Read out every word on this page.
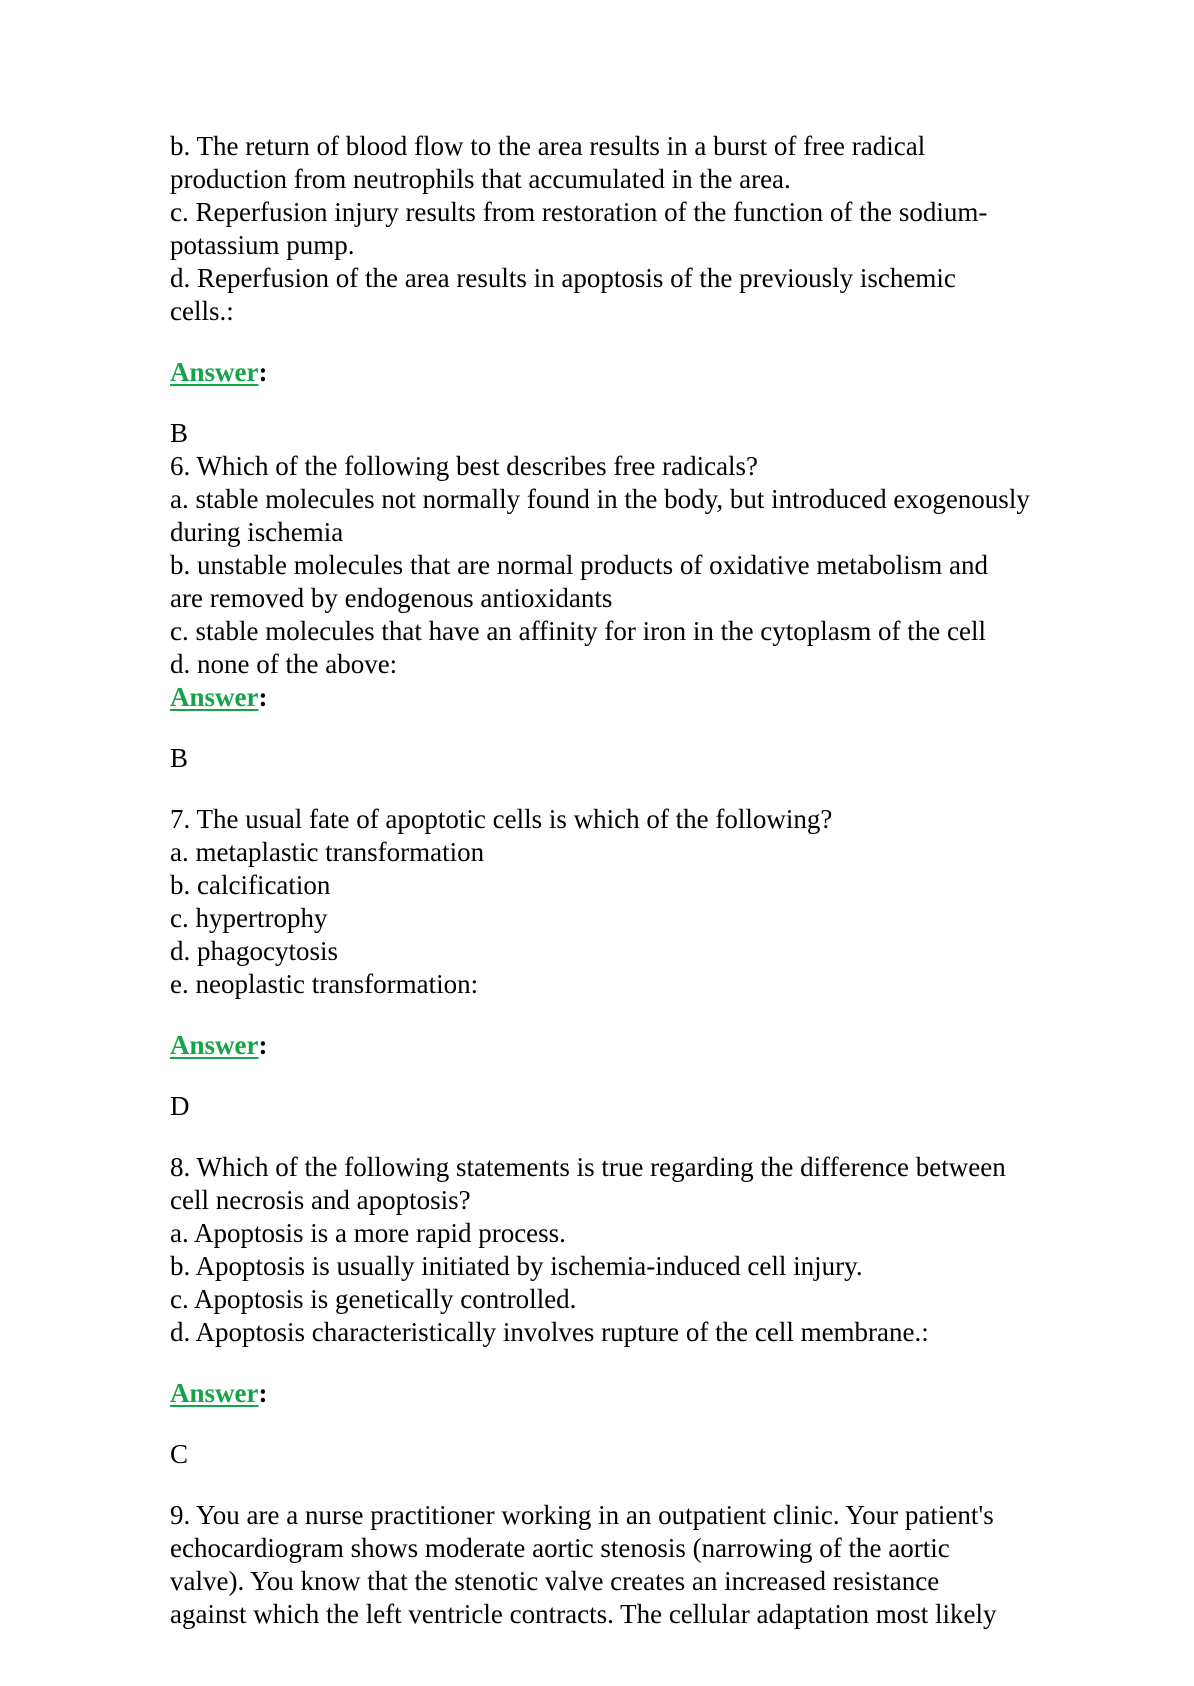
b. The return of blood flow to the area results in a burst of free radical
production from neutrophils that accumulated in the area.
c. Reperfusion injury results from restoration of the function of the sodium-
potassium pump.
d. Reperfusion of the area results in apoptosis of the previously ischemic
cells.:
Answer:
B
6. Which of the following best describes free radicals?
a. stable molecules not normally found in the body, but introduced exogenously
during ischemia
b. unstable molecules that are normal products of oxidative metabolism and
are removed by endogenous antioxidants
c. stable molecules that have an affinity for iron in the cytoplasm of the cell
d. none of the above:
Answer:
B
7. The usual fate of apoptotic cells is which of the following?
a. metaplastic transformation
b. calcification
c. hypertrophy
d. phagocytosis
e. neoplastic transformation:
Answer:
D
8. Which of the following statements is true regarding the difference between
cell necrosis and apoptosis?
a. Apoptosis is a more rapid process.
b. Apoptosis is usually initiated by ischemia-induced cell injury.
c. Apoptosis is genetically controlled.
d. Apoptosis characteristically involves rupture of the cell membrane.:
Answer:
C
9. You are a nurse practitioner working in an outpatient clinic. Your patient's
echocardiogram shows moderate aortic stenosis (narrowing of the aortic
valve). You know that the stenotic valve creates an increased resistance
against which the left ventricle contracts. The cellular adaptation most likely
